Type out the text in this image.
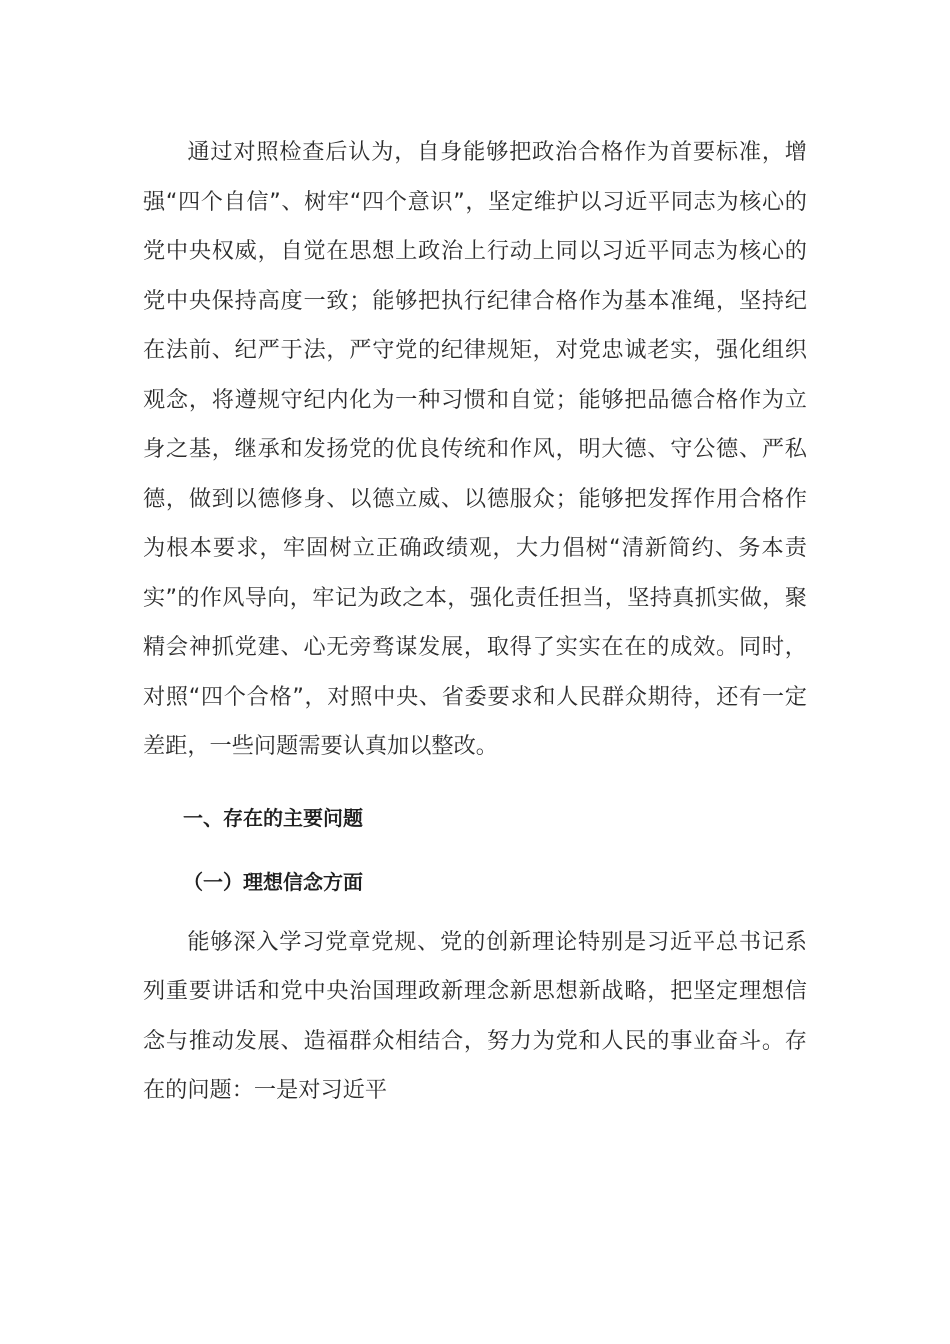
通过对照检查后认为，自身能够把政治合格作为首要标准，增强“四个自信”、树牢“四个意识”，坚定维护以习近平同志为核心的党中央权威，自觉在思想上政治上行动上同以习近平同志为核心的党中央保持高度一致；能够把执行纪律合格作为基本准绳，坚持纪在法前、纪严于法，严守党的纪律规矩，对党忠诚老实，强化组织观念，将遵规守纪内化为一种习惯和自觉；能够把品德合格作为立身之基，继承和发扬党的优良传统和作风，明大德、守公德、严私德，做到以德修身、以德立威、以德服众；能够把发挥作用合格作为根本要求，牢固树立正确政绩观，大力倡树“清新简约、务本责实”的作风导向，牢记为政之本，强化责任担当，坚持真抓实做，聚精会神抓党建、心无旁骛谋发展，取得了实实在在的成效。同时，对照“四个合格”，对照中央、省委要求和人民群众期待，还有一定差距，一些问题需要认真加以整改。

一、存在的主要问题

（一）理想信念方面

能够深入学习党章党规、党的创新理论特别是习近平总书记系列重要讲话和党中央治国理政新理念新思想新战略，把坚定理想信念与推动发展、造福群众相结合，努力为党和人民的事业奋斗。存在的问题：一是对习近平
